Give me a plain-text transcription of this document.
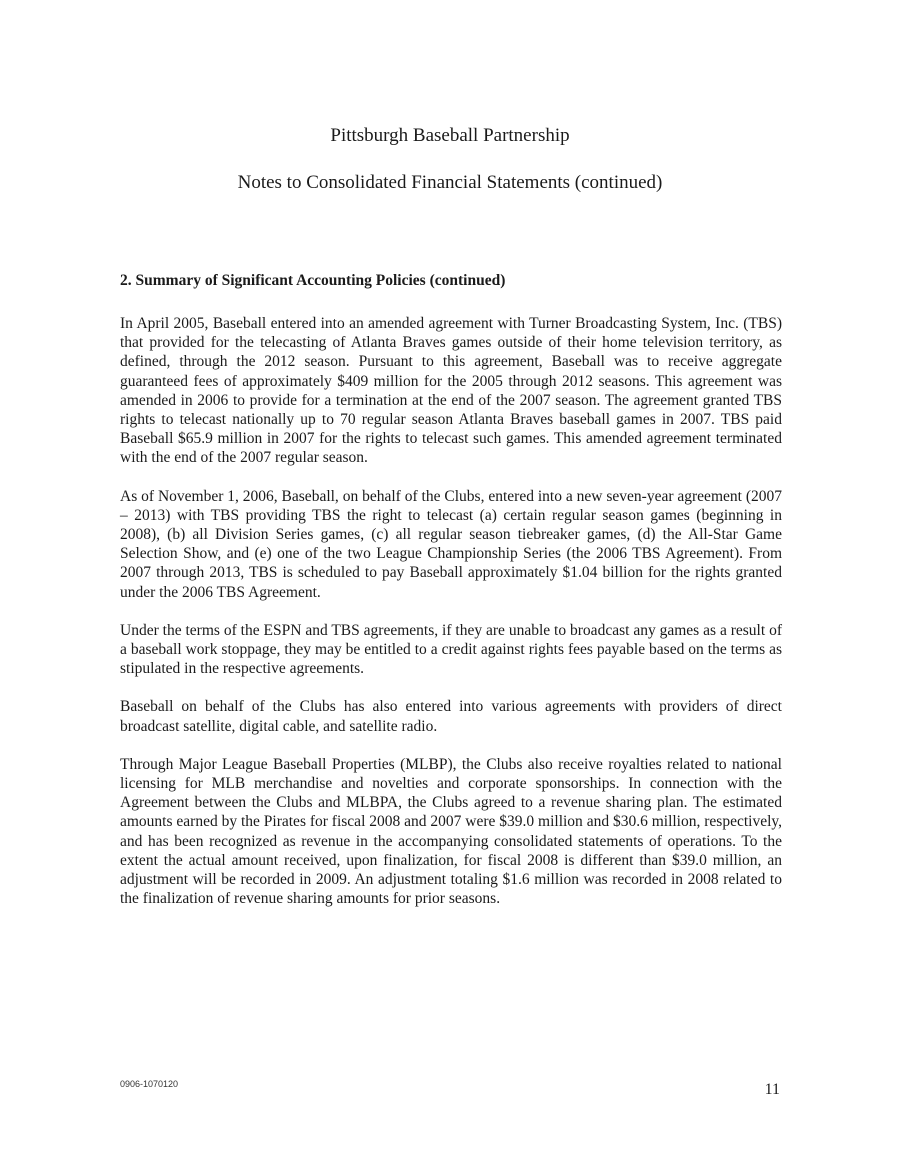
Pittsburgh Baseball Partnership
Notes to Consolidated Financial Statements (continued)

2. Summary of Significant Accounting Policies (continued)

In April 2005, Baseball entered into an amended agreement with Turner Broadcasting System, Inc. (TBS) that provided for the telecasting of Atlanta Braves games outside of their home television territory, as defined, through the 2012 season. Pursuant to this agreement, Baseball was to receive aggregate guaranteed fees of approximately $409 million for the 2005 through 2012 seasons. This agreement was amended in 2006 to provide for a termination at the end of the 2007 season. The agreement granted TBS rights to telecast nationally up to 70 regular season Atlanta Braves baseball games in 2007. TBS paid Baseball $65.9 million in 2007 for the rights to telecast such games. This amended agreement terminated with the end of the 2007 regular season.

As of November 1, 2006, Baseball, on behalf of the Clubs, entered into a new seven-year agreement (2007 – 2013) with TBS providing TBS the right to telecast (a) certain regular season games (beginning in 2008), (b) all Division Series games, (c) all regular season tiebreaker games, (d) the All-Star Game Selection Show, and (e) one of the two League Championship Series (the 2006 TBS Agreement). From 2007 through 2013, TBS is scheduled to pay Baseball approximately $1.04 billion for the rights granted under the 2006 TBS Agreement.

Under the terms of the ESPN and TBS agreements, if they are unable to broadcast any games as a result of a baseball work stoppage, they may be entitled to a credit against rights fees payable based on the terms as stipulated in the respective agreements.

Baseball on behalf of the Clubs has also entered into various agreements with providers of direct broadcast satellite, digital cable, and satellite radio.

Through Major League Baseball Properties (MLBP), the Clubs also receive royalties related to national licensing for MLB merchandise and novelties and corporate sponsorships. In connection with the Agreement between the Clubs and MLBPA, the Clubs agreed to a revenue sharing plan. The estimated amounts earned by the Pirates for fiscal 2008 and 2007 were $39.0 million and $30.6 million, respectively, and has been recognized as revenue in the accompanying consolidated statements of operations. To the extent the actual amount received, upon finalization, for fiscal 2008 is different than $39.0 million, an adjustment will be recorded in 2009. An adjustment totaling $1.6 million was recorded in 2008 related to the finalization of revenue sharing amounts for prior seasons.

0906-1070120	11
